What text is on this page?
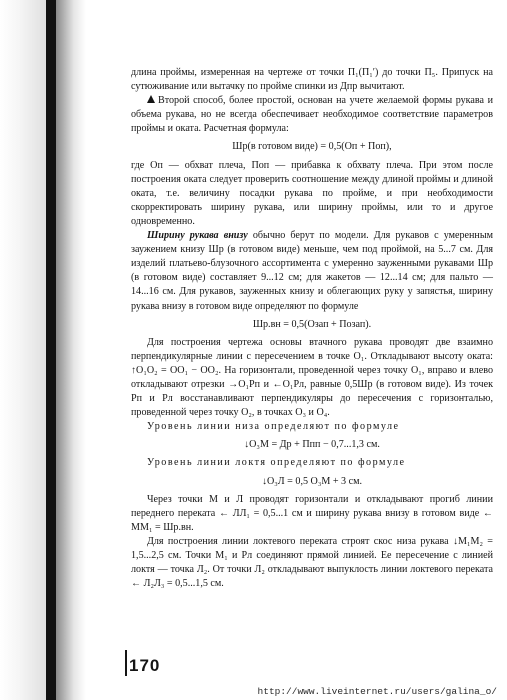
длина проймы, измеренная на чертеже от точки П₁(П₁′) до точки П₅. Припуск на сутюживание или вытачку по пройме спинки из Дпр вычитают.

Второй способ, более простой, основан на учете желаемой формы рукава и объема рукава, но не всегда обеспечивает необходимое соответствие параметров проймы и оката. Расчетная формула:

Шр(в готовом виде) = 0,5(Оп + Поп),

где Оп — обхват плеча, Поп — прибавка к обхвату плеча. При этом после построения оката следует проверить соотношение между длиной проймы и длиной оката, т.е. величину посадки рукава по пройме, и при необходимости скорректировать ширину рукава, или ширину проймы, или то и другое одновременно.

Ширину рукава внизу обычно берут по модели. Для рукавов с умеренным заужением книзу Шр (в готовом виде) меньше, чем под проймой, на 5...7 см. Для изделий платьево-блузочного ассортимента с умеренно зауженными рукавами Шр (в готовом виде) составляет 9...12 см; для жакетов — 12...14 см; для пальто — 14...16 см. Для рукавов, зауженных книзу и облегающих руку у запястья, ширину рукава внизу в готовом виде определяют по формуле

Шр.вн = 0,5(Озап + Позап).

Для построения чертежа основы втачного рукава проводят две взаимно перпендикулярные линии с пересечением в точке О₁. Откладывают высоту оката: ↑О₁О₂ = ОО₁ − ОО₂. На горизонтали, проведенной через точку О₁, вправо и влево откладывают отрезки →О₁Рп и ←О₁Рл, равные 0,5Шр (в готовом виде). Из точек Рп и Рл восстанавливают перпендикуляры до пересечения с горизонталью, проведенной через точку О₂, в точках О₃ и О₄.

Уровень линии низа определяют по формуле

↓О₃М = Др + Ппп − 0,7...1,3 см.

Уровень линии локтя определяют по формуле

↓О₃Л = 0,5 О₃М + 3 см.

Через точки М и Л проводят горизонтали и откладывают прогиб линии переднего переката ← ЛЛ₁ = 0,5...1 см и ширину рукава внизу в готовом виде ← ММ₁ = Шр.вн.

Для построения линии локтевого переката строят скос низа рукава ↓М₁М₂ = 1,5...2,5 см. Точки М₁ и Рл соединяют прямой линией. Ее пересечение с линией локтя — точка Л₂. От точки Л₂ откладывают выпуклость линии локтевого переката ← Л₂Л₃ = 0,5...1,5 см.

170
http://www.liveinternet.ru/users/galina_o/
